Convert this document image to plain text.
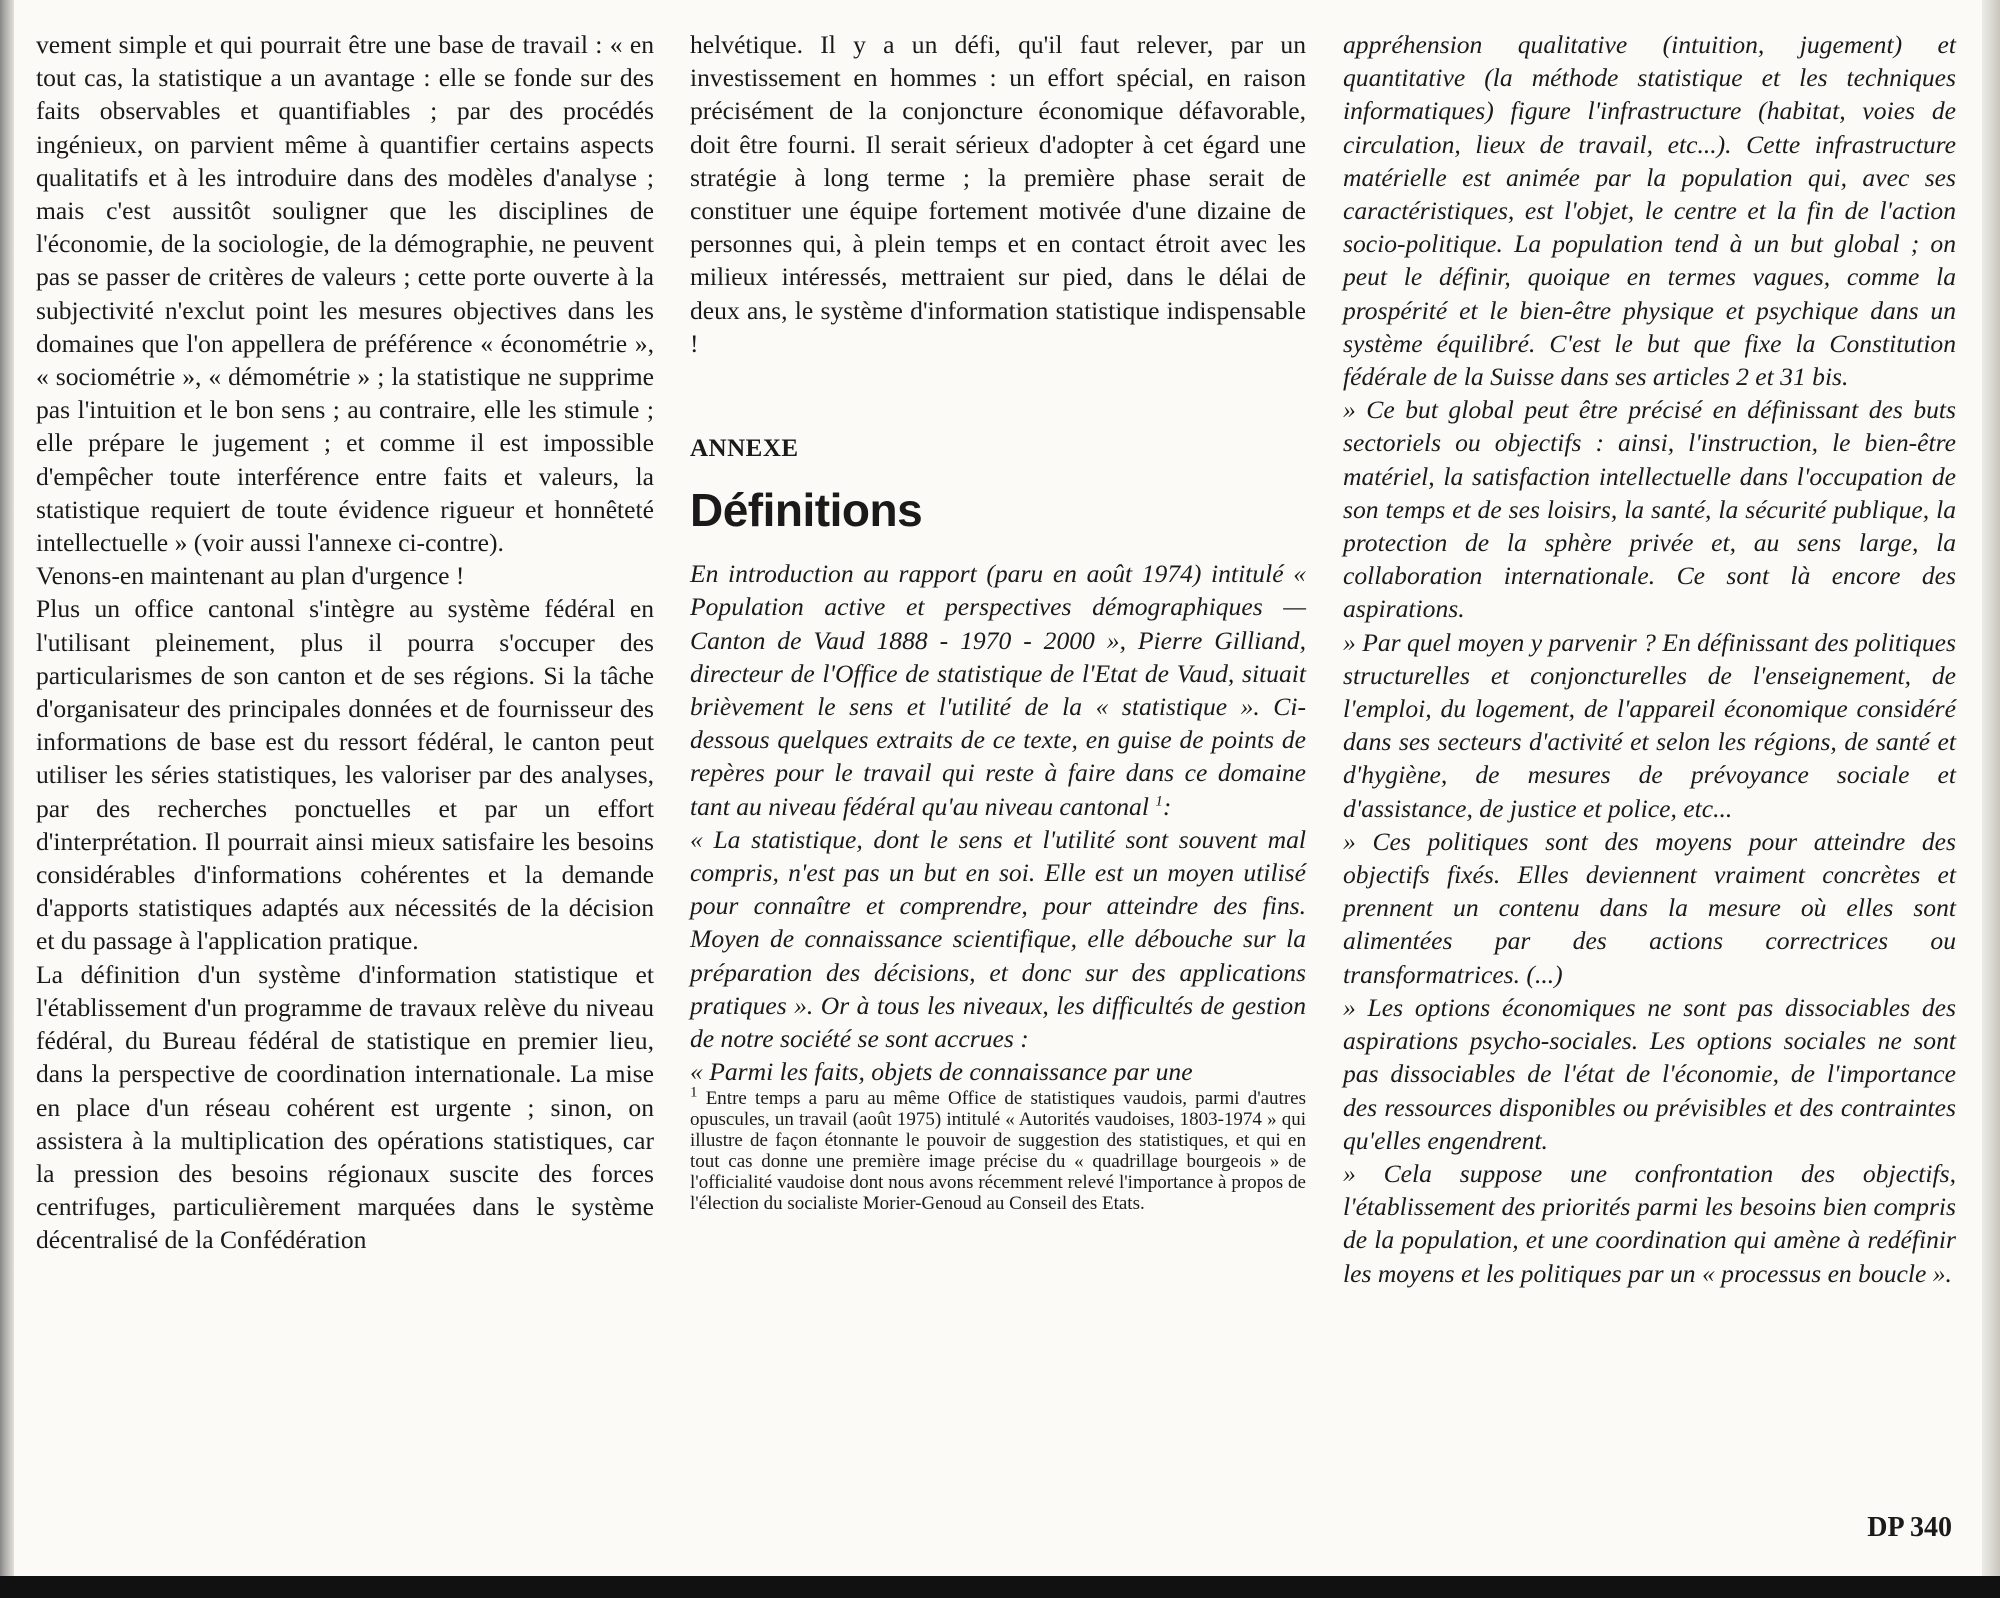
vement simple et qui pourrait être une base de travail : « en tout cas, la statistique a un avantage : elle se fonde sur des faits observables et quantifiables ; par des procédés ingénieux, on parvient même à quantifier certains aspects qualitatifs et à les introduire dans des modèles d'analyse ; mais c'est aussitôt souligner que les disciplines de l'économie, de la sociologie, de la démographie, ne peuvent pas se passer de critères de valeurs ; cette porte ouverte à la subjectivité n'exclut point les mesures objectives dans les domaines que l'on appellera de préférence « économétrie », « sociométrie », « démométrie » ; la statistique ne supprime pas l'intuition et le bon sens ; au contraire, elle les stimule ; elle prépare le jugement ; et comme il est impossible d'empêcher toute interférence entre faits et valeurs, la statistique requiert de toute évidence rigueur et honnêteté intellectuelle » (voir aussi l'annexe ci-contre).

Venons-en maintenant au plan d'urgence !

Plus un office cantonal s'intègre au système fédéral en l'utilisant pleinement, plus il pourra s'occuper des particularismes de son canton et de ses régions. Si la tâche d'organisateur des principales données et de fournisseur des informations de base est du ressort fédéral, le canton peut utiliser les séries statistiques, les valoriser par des analyses, par des recherches ponctuelles et par un effort d'interprétation. Il pourrait ainsi mieux satisfaire les besoins considérables d'informations cohérentes et la demande d'apports statistiques adaptés aux nécessités de la décision et du passage à l'application pratique.

La définition d'un système d'information statistique et l'établissement d'un programme de travaux relève du niveau fédéral, du Bureau fédéral de statistique en premier lieu, dans la perspective de coordination internationale. La mise en place d'un réseau cohérent est urgente ; sinon, on assistera à la multiplication des opérations statistiques, car la pression des besoins régionaux suscite des forces centrifuges, particulièrement marquées dans le système décentralisé de la Confédération

helvétique. Il y a un défi, qu'il faut relever, par un investissement en hommes : un effort spécial, en raison précisément de la conjoncture économique défavorable, doit être fourni. Il serait sérieux d'adopter à cet égard une stratégie à long terme ; la première phase serait de constituer une équipe fortement motivée d'une dizaine de personnes qui, à plein temps et en contact étroit avec les milieux intéressés, mettraient sur pied, dans le délai de deux ans, le système d'information statistique indispensable !

ANNEXE
Définitions

En introduction au rapport (paru en août 1974) intitulé « Population active et perspectives démographiques — Canton de Vaud 1888 - 1970 - 2000 », Pierre Gilliand, directeur de l'Office de statistique de l'Etat de Vaud, situait brièvement le sens et l'utilité de la « statistique ». Ci-dessous quelques extraits de ce texte, en guise de points de repères pour le travail qui reste à faire dans ce domaine tant au niveau fédéral qu'au niveau cantonal $^1$:

« La statistique, dont le sens et l'utilité sont souvent mal compris, n'est pas un but en soi. Elle est un moyen utilisé pour connaître et comprendre, pour atteindre des fins. Moyen de connaissance scientifique, elle débouche sur la préparation des décisions, et donc sur des applications pratiques ». Or à tous les niveaux, les difficultés de gestion de notre société se sont accrues :

« Parmi les faits, objets de connaissance par une

$^1$ Entre temps a paru au même Office de statistiques vaudois, parmi d'autres opuscules, un travail (août 1975) intitulé « Autorités vaudoises, 1803-1974 » qui illustre de façon étonnante le pouvoir de suggestion des statistiques, et qui en tout cas donne une première image précise du « quadrillage bourgeois » de l'officialité vaudoise dont nous avons récemment relevé l'importance à propos de l'élection du socialiste Morier-Genoud au Conseil des Etats.

appréhension qualitative (intuition, jugement) et quantitative (la méthode statistique et les techniques informatiques) figure l'infrastructure (habitat, voies de circulation, lieux de travail, etc...). Cette infrastructure matérielle est animée par la population qui, avec ses caractéristiques, est l'objet, le centre et la fin de l'action socio-politique. La population tend à un but global ; on peut le définir, quoique en termes vagues, comme la prospérité et le bien-être physique et psychique dans un système équilibré. C'est le but que fixe la Constitution fédérale de la Suisse dans ses articles 2 et 31 bis.

» Ce but global peut être précisé en définissant des buts sectoriels ou objectifs : ainsi, l'instruction, le bien-être matériel, la satisfaction intellectuelle dans l'occupation de son temps et de ses loisirs, la santé, la sécurité publique, la protection de la sphère privée et, au sens large, la collaboration internationale. Ce sont là encore des aspirations.

» Par quel moyen y parvenir ? En définissant des politiques structurelles et conjoncturelles de l'enseignement, de l'emploi, du logement, de l'appareil économique considéré dans ses secteurs d'activité et selon les régions, de santé et d'hygiène, de mesures de prévoyance sociale et d'assistance, de justice et police, etc...

» Ces politiques sont des moyens pour atteindre des objectifs fixés. Elles deviennent vraiment concrètes et prennent un contenu dans la mesure où elles sont alimentées par des actions correctrices ou transformatrices. (...)

» Les options économiques ne sont pas dissociables des aspirations psycho-sociales. Les options sociales ne sont pas dissociables de l'état de l'économie, de l'importance des ressources disponibles ou prévisibles et des contraintes qu'elles engendrent.

» Cela suppose une confrontation des objectifs, l'établissement des priorités parmi les besoins bien compris de la population, et une coordination qui amène à redéfinir les moyens et les politiques par un « processus en boucle ».

DP 340
